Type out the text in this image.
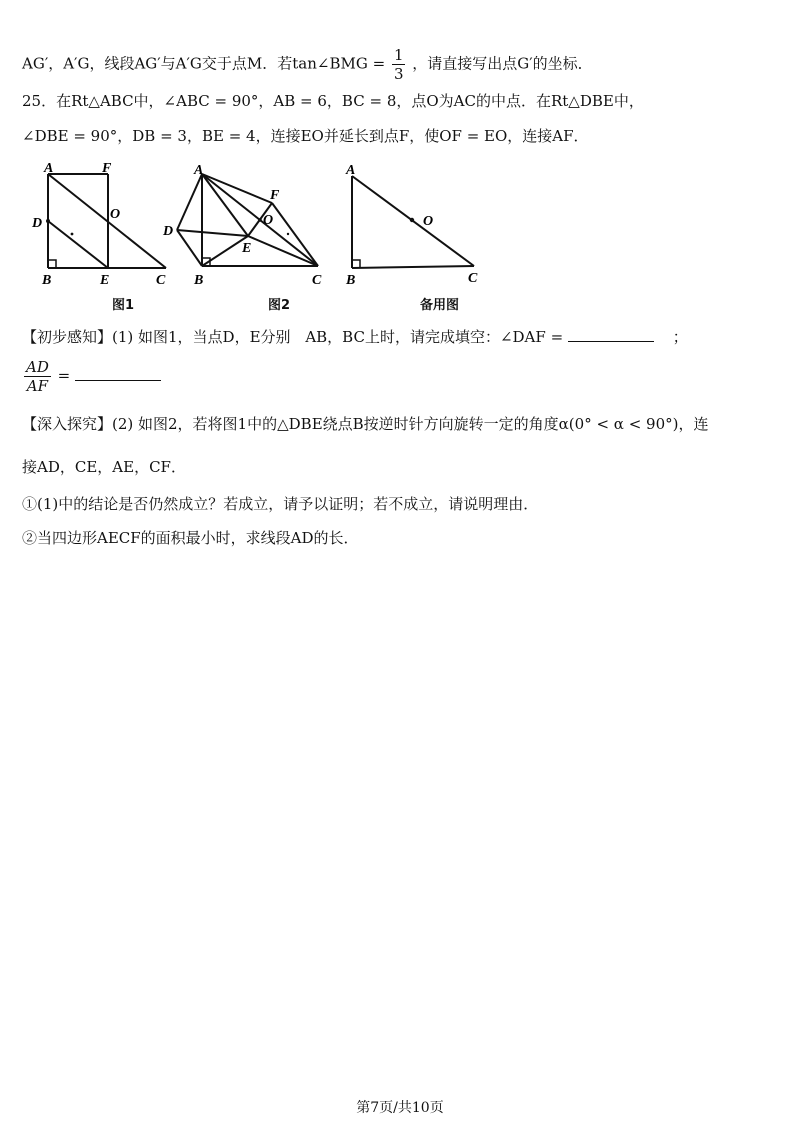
AG′，A′G，线段AG′与A′G交于点M．若tan∠BMG = $\frac{1}{3}$ ，请直接写出点G′的坐标．
25．在Rt△ABC中，∠ABC = 90°，AB = 6，BC = 8，点O为AC的中点．在Rt△DBE中，
∠DBE = 90°，DB = 3，BE = 4，连接EO并延长到点F，使OF = EO，连接AF．
A	F
O
D
B	E	C
图1
A
F
O
D
E
B	C
图2
A
O
B	C
备用图
【初步感知】(1) 如图1，当点D，E分别 AB，BC上时，请完成填空：∠DAF =	；
$\frac{AD}{AF}$ =
【深入探究】(2) 如图2，若将图1中的△DBE绕点B按逆时针方向旋转一定的角度α(0° < α < 90°)，连
接AD，CE，AE，CF．
①(1)中的结论是否仍然成立？若成立，请予以证明；若不成立，请说明理由．
②当四边形AECF的面积最小时，求线段AD的长．
第7页/共10页
